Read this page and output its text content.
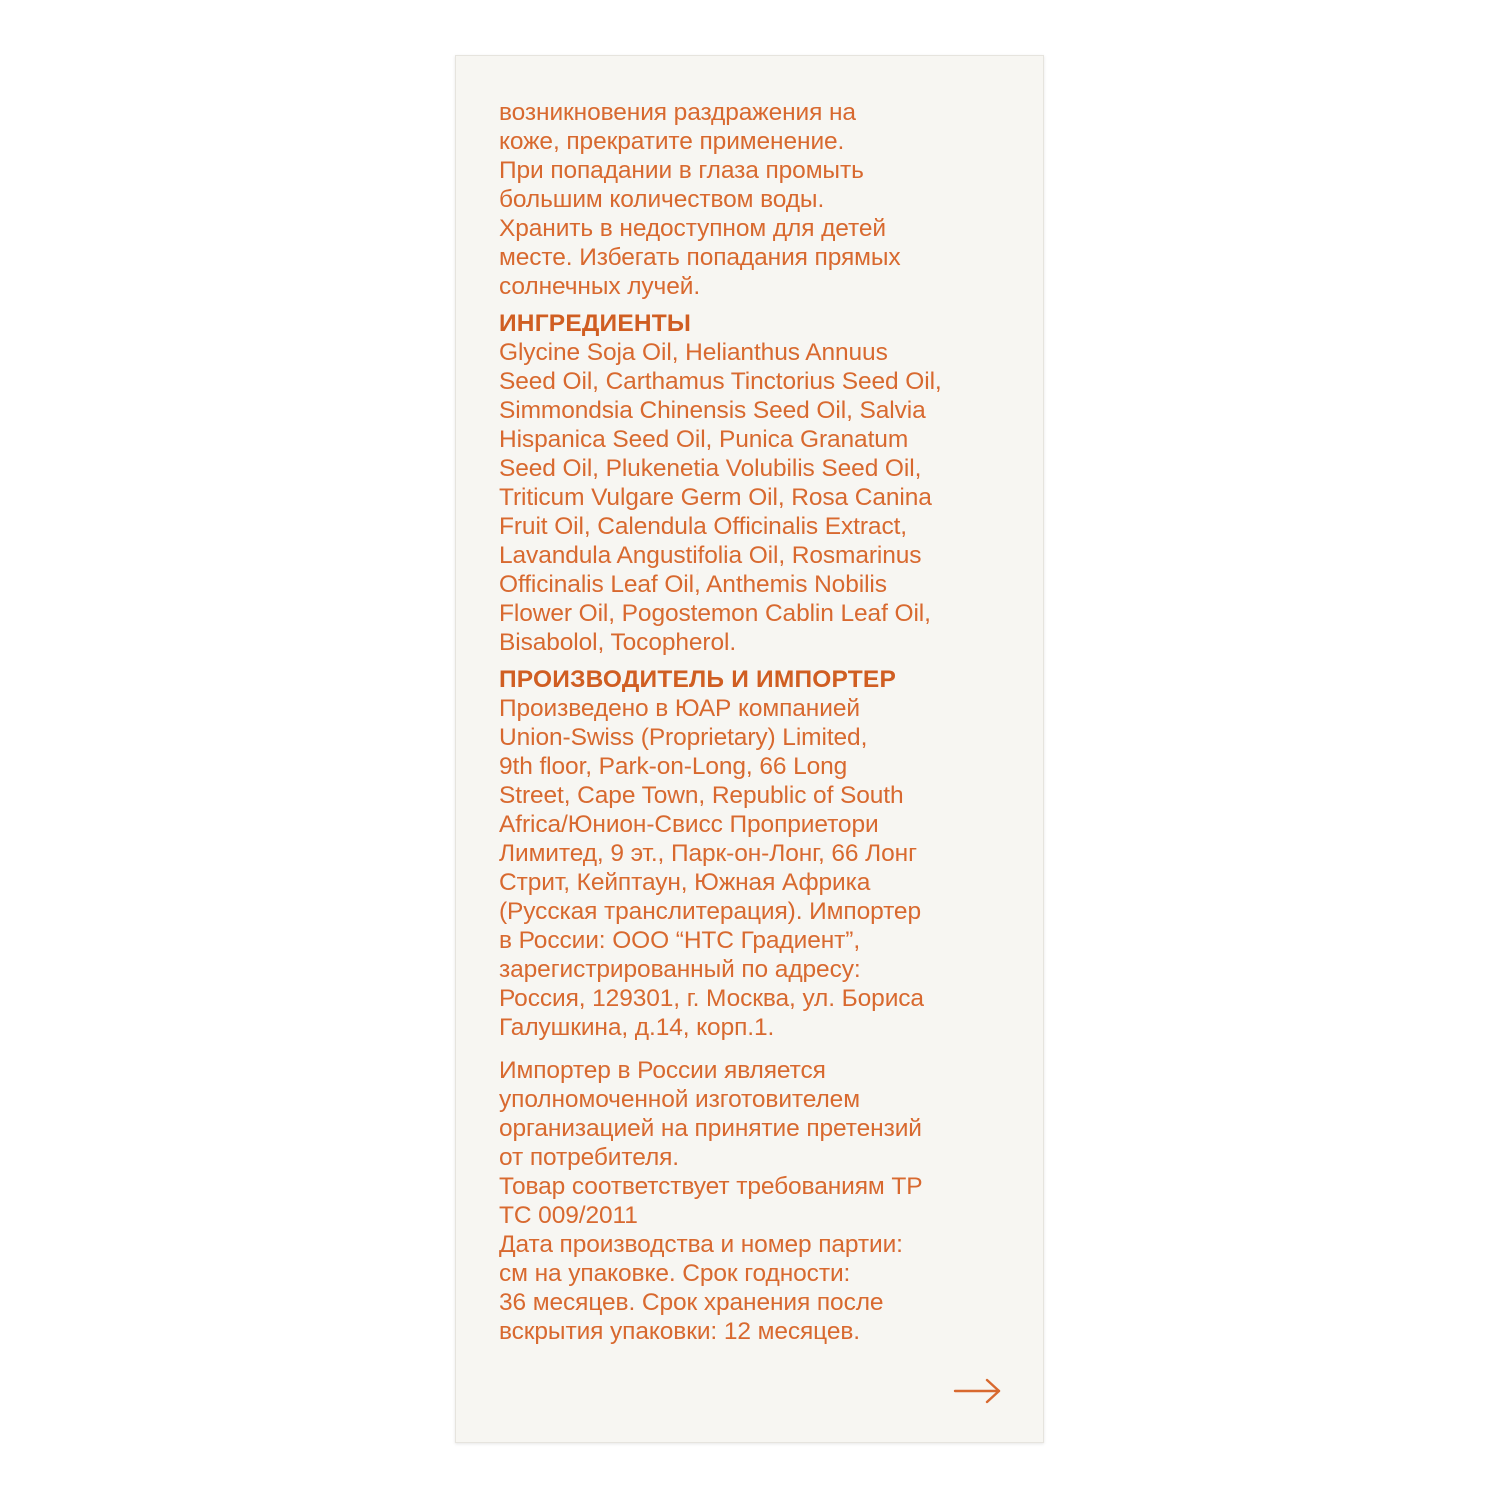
возникновения раздражения на
коже, прекратите применение.
При попадании в глаза промыть
большим количеством воды.
Хранить в недоступном для детей
месте. Избегать попадания прямых
солнечных лучей.
ИНГРЕДИЕНТЫ
Glycine Soja Oil, Helianthus Annuus
Seed Oil, Carthamus Tinctorius Seed Oil,
Simmondsia Chinensis Seed Oil, Salvia
Hispanica Seed Oil, Punica Granatum
Seed Oil, Plukenetia Volubilis Seed Oil,
Triticum Vulgare Germ Oil, Rosa Canina
Fruit Oil, Calendula Officinalis Extract,
Lavandula Angustifolia Oil, Rosmarinus
Officinalis Leaf Oil, Anthemis Nobilis
Flower Oil, Pogostemon Cablin Leaf Oil,
Bisabolol, Tocopherol.
ПРОИЗВОДИТЕЛЬ И ИМПОРТЕР
Произведено в ЮАР компанией
Union-Swiss (Proprietary) Limited,
9th floor, Park-on-Long, 66 Long
Street, Cape Town, Republic of South
Africa/Юнион-Свисс Проприетори
Лимитед, 9 эт., Парк-он-Лонг, 66 Лонг
Стрит, Кейптаун, Южная Африка
(Русская транслитерация). Импортер
в России: ООО “НТС Градиент”,
зарегистрированный по адресу:
Россия, 129301, г. Москва, ул. Бориса
Галушкина, д.14, корп.1.
Импортер в России является
уполномоченной изготовителем
организацией на принятие претензий
от потребителя.
Товар соответствует требованиям ТР
ТС 009/2011
Дата производства и номер партии:
см на упаковке. Срок годности:
36 месяцев. Срок хранения после
вскрытия упаковки: 12 месяцев.
